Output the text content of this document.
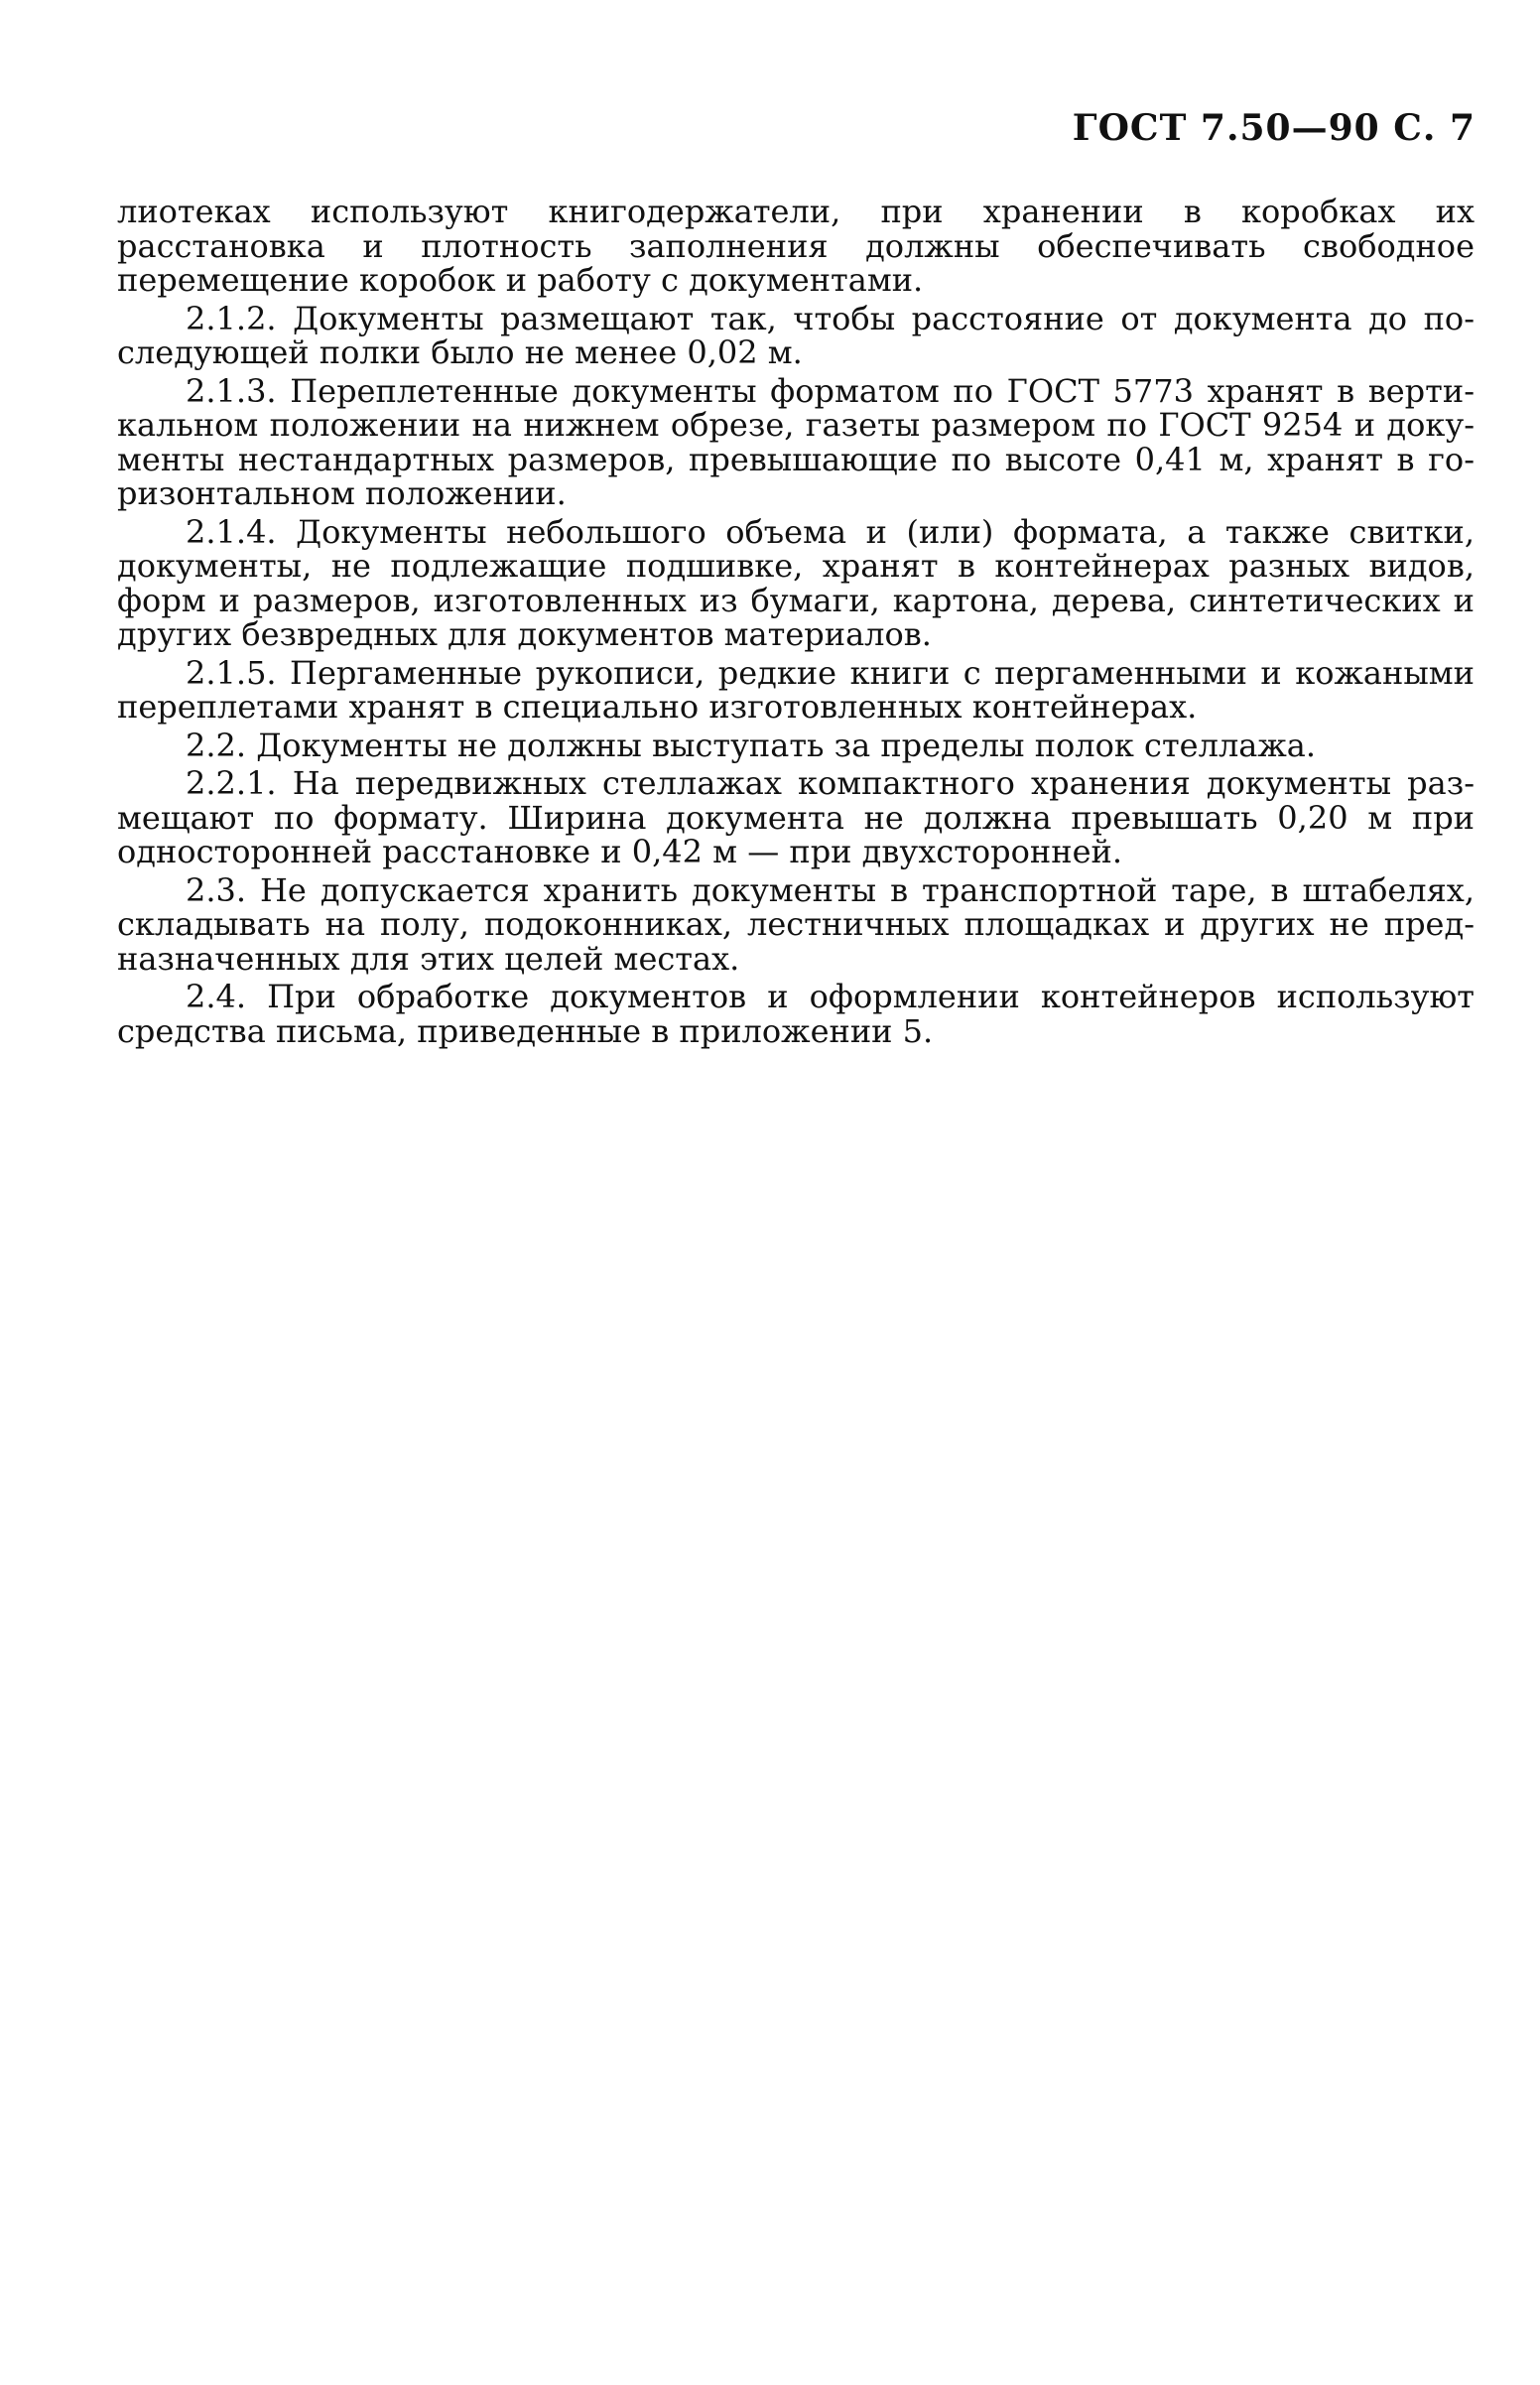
ГОСТ 7.50—90 С. 7

лиотеках используют книгодержатели, при хранении в коробках их расстановка и плотность заполнения должны обеспечивать свободное перемещение коробок и работу с документами.

2.1.2. Документы размещают так, чтобы расстояние от документа до последующей полки было не менее 0,02 м.

2.1.3. Переплетенные документы форматом по ГОСТ 5773 хранят в вертикальном положении на нижнем обрезе, газеты размером по ГОСТ 9254 и документы нестандартных размеров, превышающие по высоте 0,41 м, хранят в горизонтальном положении.

2.1.4. Документы небольшого объема и (или) формата, а также свитки, документы, не подлежащие подшивке, хранят в контейнерах разных видов, форм и размеров, изготовленных из бумаги, картона, дерева, синтетических и других безвредных для документов материалов.

2.1.5. Пергаменные рукописи, редкие книги с пергаменными и кожаными переплетами хранят в специально изготовленных контейнерах.

2.2. Документы не должны выступать за пределы полок стеллажа.

2.2.1. На передвижных стеллажах компактного хранения документы размещают по формату. Ширина документа не должна превышать 0,20 м при односторонней расстановке и 0,42 м — при двухсторонней.

2.3. Не допускается хранить документы в транспортной таре, в штабелях, складывать на полу, подоконниках, лестничных площадках и других не предназначенных для этих целей местах.

2.4. При обработке документов и оформлении контейнеров используют средства письма, приведенные в приложении 5.
